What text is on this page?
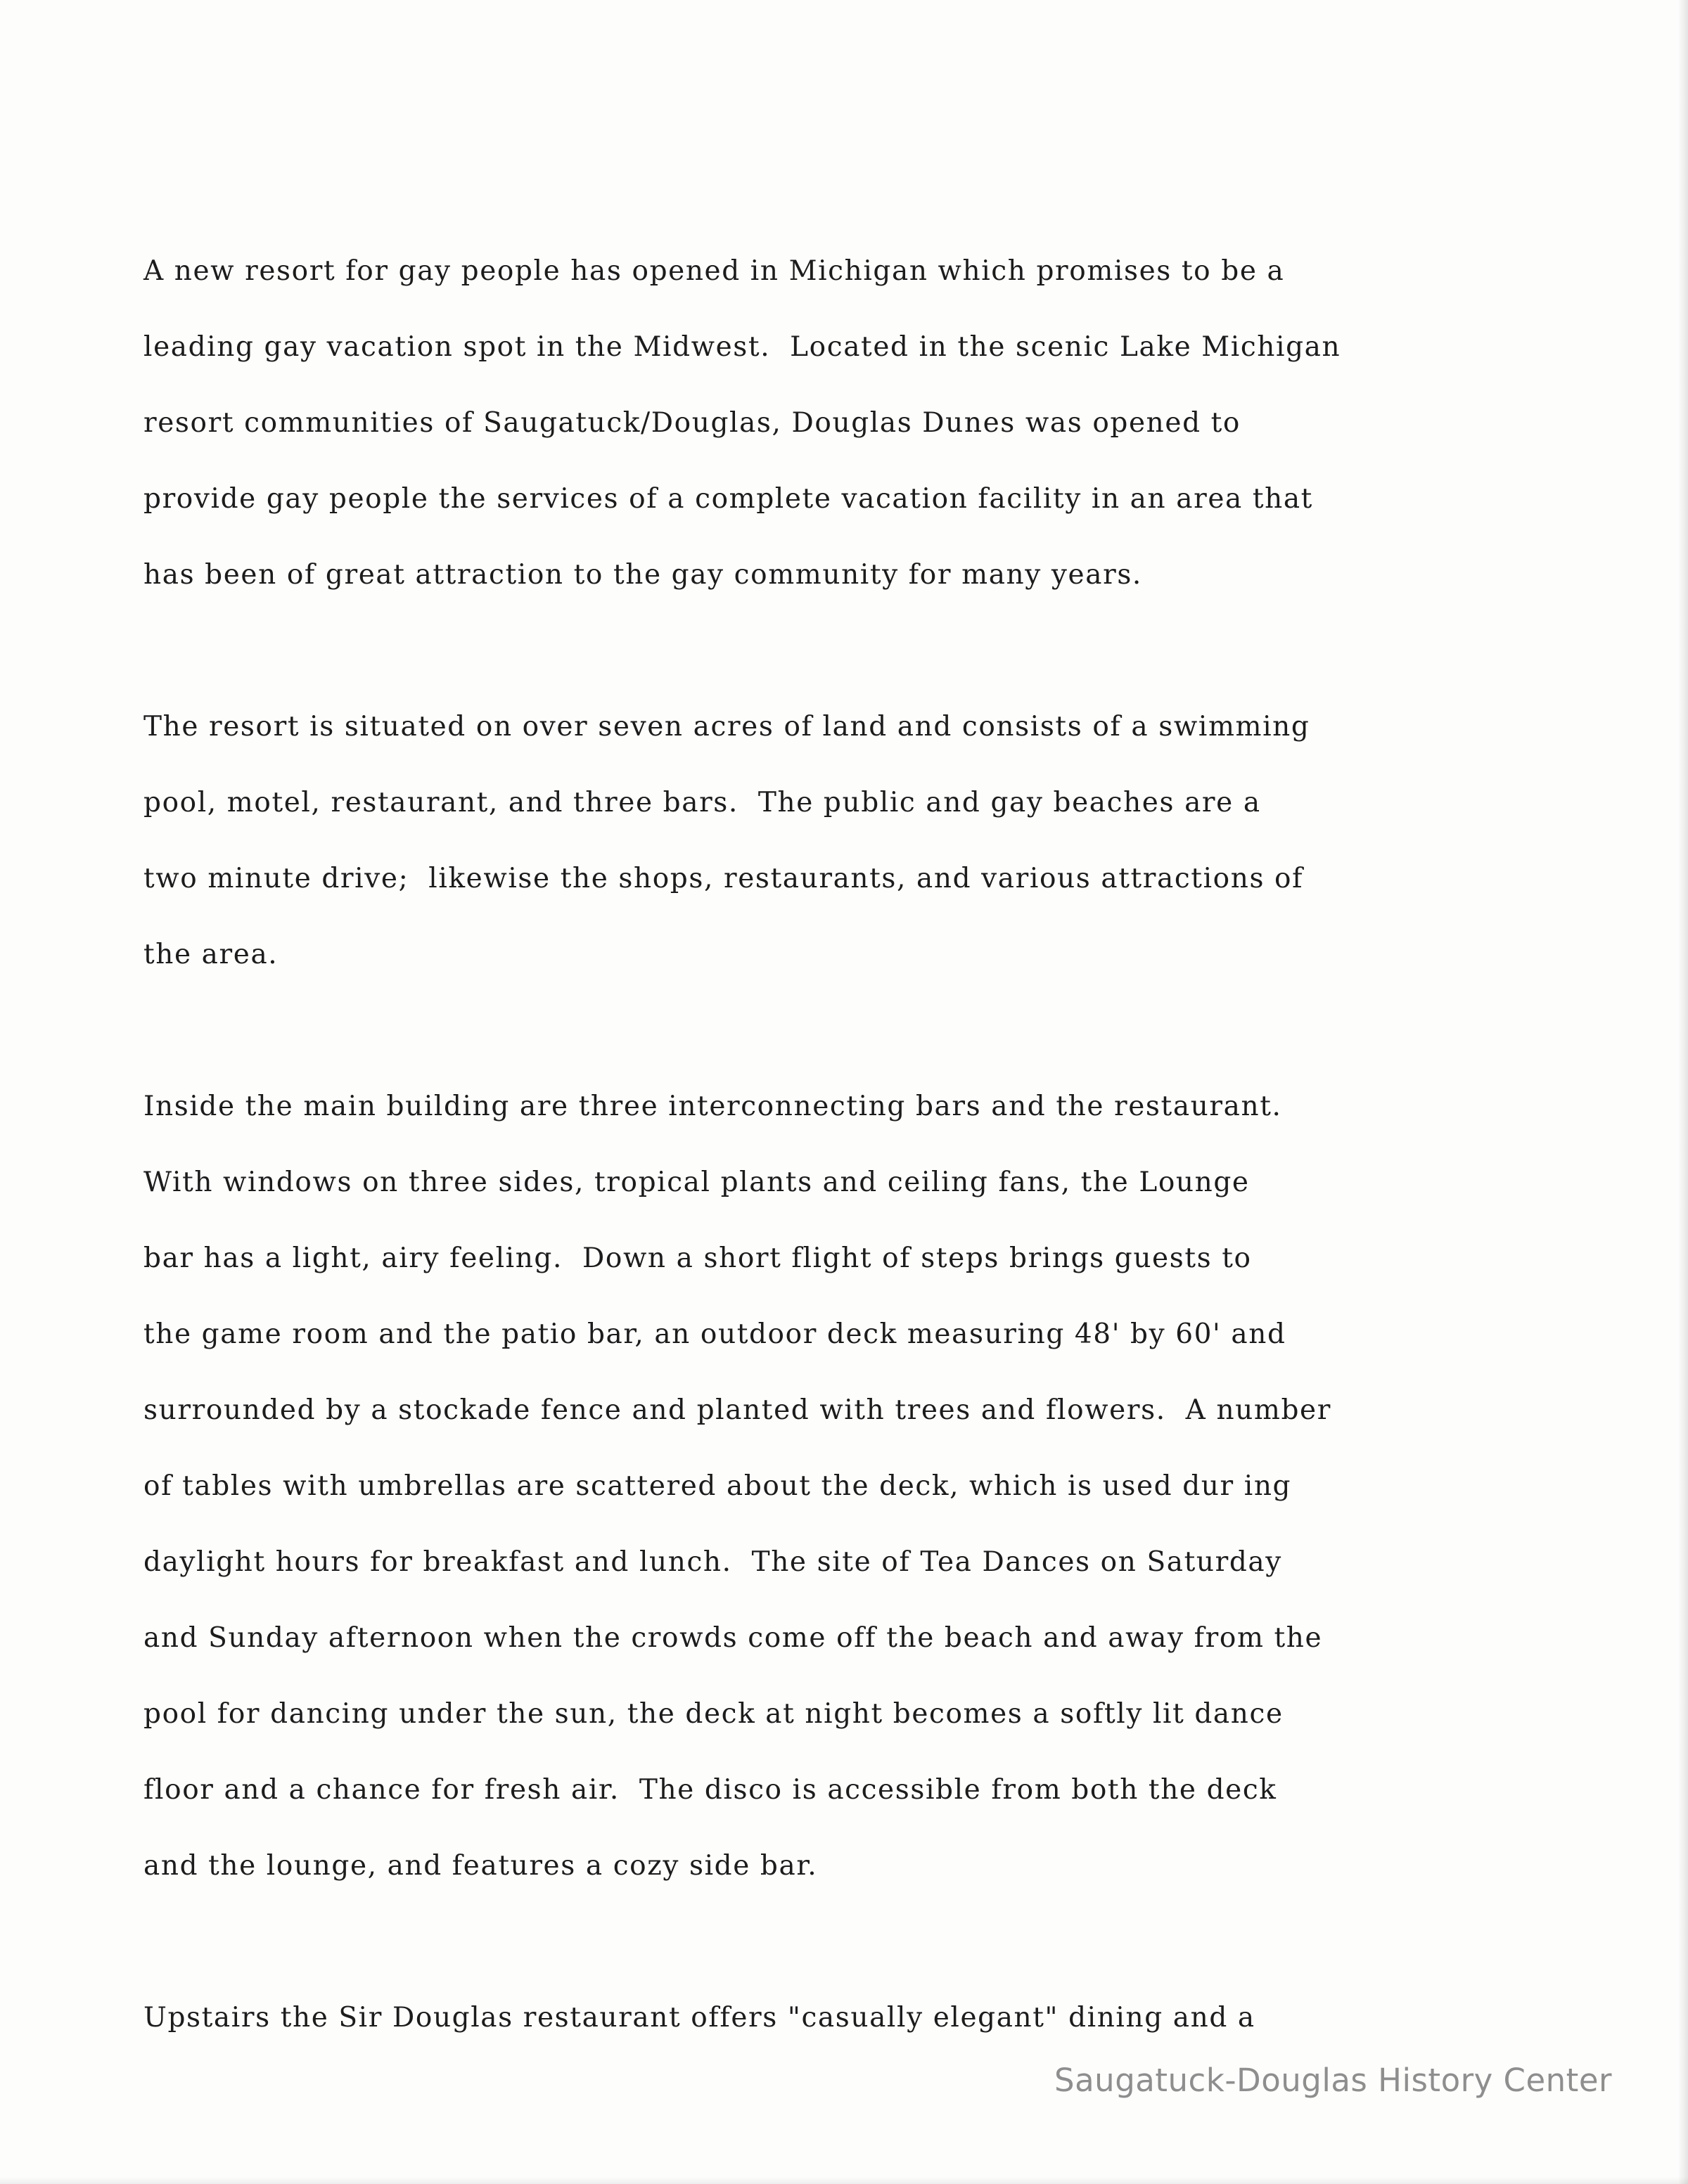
A new resort for gay people has opened in Michigan which promises to be a
leading gay vacation spot in the Midwest.  Located in the scenic Lake Michigan
resort communities of Saugatuck/Douglas, Douglas Dunes was opened to
provide gay people the services of a complete vacation facility in an area that
has been of great attraction to the gay community for many years.
The resort is situated on over seven acres of land and consists of a swimming
pool, motel, restaurant, and three bars.  The public and gay beaches are a
two minute drive;  likewise the shops, restaurants, and various attractions of
the area.
Inside the main building are three interconnecting bars and the restaurant.
With windows on three sides, tropical plants and ceiling fans, the Lounge
bar has a light, airy feeling.  Down a short flight of steps brings guests to
the game room and the patio bar, an outdoor deck measuring 48' by 60' and
surrounded by a stockade fence and planted with trees and flowers.  A number
of tables with umbrellas are scattered about the deck, which is used dur ing
daylight hours for breakfast and lunch.  The site of Tea Dances on Saturday
and Sunday afternoon when the crowds come off the beach and away from the
pool for dancing under the sun, the deck at night becomes a softly lit dance
floor and a chance for fresh air.  The disco is accessible from both the deck
and the lounge, and features a cozy side bar.
Upstairs the Sir Douglas restaurant offers "casually elegant" dining and a
Saugatuck-Douglas History Center
